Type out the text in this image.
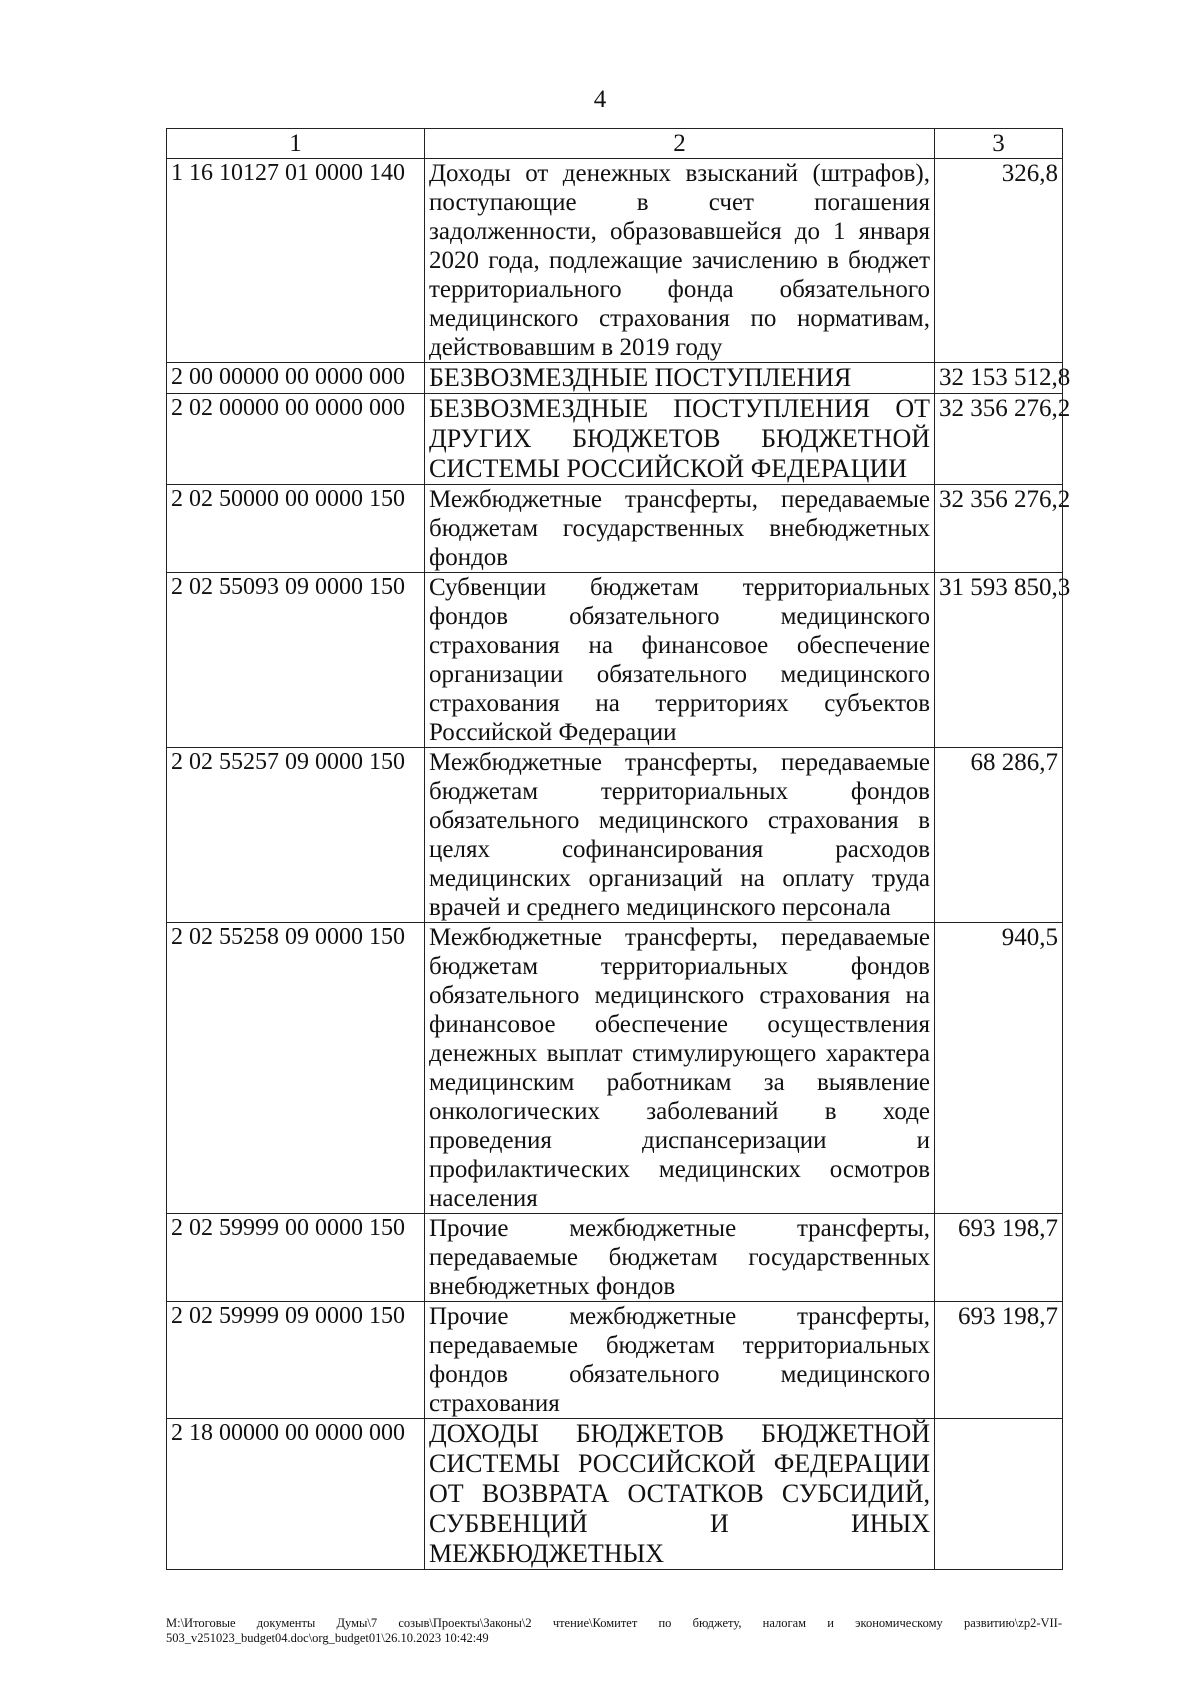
4
1	2	3
1 16 10127 01 0000 140	Доходы от денежных взысканий (штрафов), поступающие в счет погашения задолженности, образовавшейся до 1 января 2020 года, подлежащие зачислению в бюджет территориального фонда обязательного медицинского страхования по нормативам, действовавшим в 2019 году	326,8
2 00 00000 00 0000 000	БЕЗВОЗМЕЗДНЫЕ ПОСТУПЛЕНИЯ	32 153 512,8
2 02 00000 00 0000 000	БЕЗВОЗМЕЗДНЫЕ ПОСТУПЛЕНИЯ ОТ ДРУГИХ БЮДЖЕТОВ БЮДЖЕТНОЙ СИСТЕМЫ РОССИЙСКОЙ ФЕДЕРАЦИИ	32 356 276,2
2 02 50000 00 0000 150	Межбюджетные трансферты, передаваемые бюджетам государственных внебюджетных фондов	32 356 276,2
2 02 55093 09 0000 150	Субвенции бюджетам территориальных фондов обязательного медицинского страхования на финансовое обеспечение организации обязательного медицинского страхования на территориях субъектов Российской Федерации	31 593 850,3
2 02 55257 09 0000 150	Межбюджетные трансферты, передаваемые бюджетам территориальных фондов обязательного медицинского страхования в целях софинансирования расходов медицинских организаций на оплату труда врачей и среднего медицинского персонала	68 286,7
2 02 55258 09 0000 150	Межбюджетные трансферты, передаваемые бюджетам территориальных фондов обязательного медицинского страхования на финансовое обеспечение осуществления денежных выплат стимулирующего характера медицинским работникам за выявление онкологических заболеваний в ходе проведения диспансеризации и профилактических медицинских осмотров населения	940,5
2 02 59999 00 0000 150	Прочие межбюджетные трансферты, передаваемые бюджетам государственных внебюджетных фондов	693 198,7
2 02 59999 09 0000 150	Прочие межбюджетные трансферты, передаваемые бюджетам территориальных фондов обязательного медицинского страхования	693 198,7
2 18 00000 00 0000 000	ДОХОДЫ БЮДЖЕТОВ БЮДЖЕТНОЙ СИСТЕМЫ РОССИЙСКОЙ ФЕДЕРАЦИИ ОТ ВОЗВРАТА ОСТАТКОВ СУБСИДИЙ, СУБВЕНЦИЙ И ИНЫХ МЕЖБЮДЖЕТНЫХ	
M:\Итоговые документы Думы\7 созыв\Проекты\Законы\2 чтение\Комитет по бюджету, налогам и экономическому развитию\zp2-VII-503_v251023_budget04.doc\org_budget01\26.10.2023 10:42:49
